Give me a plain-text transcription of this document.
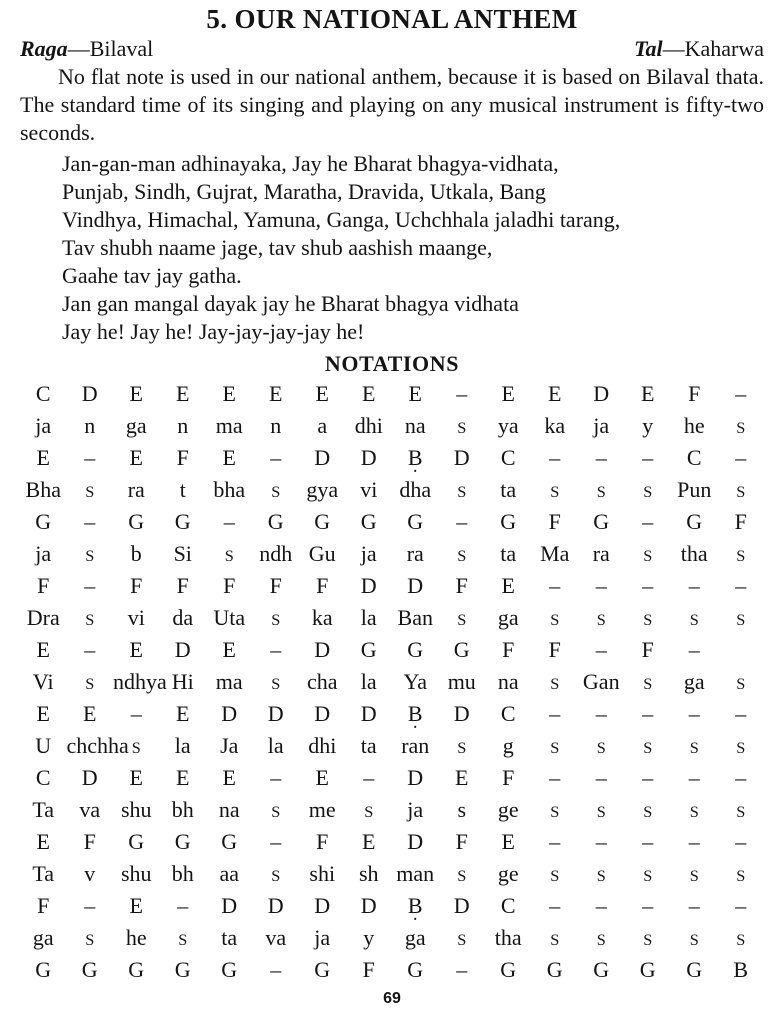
5. OUR NATIONAL ANTHEM
Raga—Bilaval	Tal—Kaharwa

No flat note is used in our national anthem, because it is based on Bilaval thata. The standard time of its singing and playing on any musical instrument is fifty-two seconds.

Jan-gan-man adhinayaka, Jay he Bharat bhagya-vidhata,
Punjab, Sindh, Gujrat, Maratha, Dravida, Utkala, Bang
Vindhya, Himachal, Yamuna, Ganga, Uchchhala jaladhi tarang,
Tav shubh naame jage, tav shub aashish maange,
Gaahe tav jay gatha.
Jan gan mangal dayak jay he Bharat bhagya vidhata
Jay he! Jay he! Jay-jay-jay-jay he!
NOTATIONS
C	D	E	E	E	E	E	E	E	–	E	E	D	E	F	–
ja	n	ga	n	ma	n	a	dhi	na	S	ya	ka	ja	y	he	S
E	–	E	F	E	–	D	D	B .	D	C	–	–	–	C	–
Bha	S	ra	t	bha	S	gya	vi	dha	S	ta	S	S	S	Pun	S
G	–	G	G	–	G	G	G	G	–	G	F	G	–	G	F
ja	S	b	Si	S	ndh	Gu	ja	ra	S	ta	Ma	ra	S	tha	S
F	–	F	F	F	F	F	D	D	F	E	–	–	–	–	–
Dra	S	vi	da	Uta	S	ka	la	Ban	S	ga	S	S	S	S	S
E	–	E	D	E	–	D	G	G	G	F	F	–	F	–	
Vi	S	ndhya	Hi	ma	S	cha	la	Ya	mu	na	S	Gan	S	ga	S
E	E	–	E	D	D	D	D	B .	D	C	–	–	–	–	–
U	chchha	S	la	Ja	la	dhi	ta	ran	S	g	S	S	S	S	S
C	D	E	E	E	–	E	–	D	E	F	–	–	–	–	–
Ta	va	shu	bh	na	S	me	S	ja	s	ge	S	S	S	S	S
E	F	G	G	G	–	F	E	D	F	E	–	–	–	–	–
Ta	v	shu	bh	aa	S	shi	sh	man	S	ge	S	S	S	S	S
F	–	E	–	D	D	D	D	B .	D	C	–	–	–	–	–
ga	S	he	S	ta	va	ja	y	ga	S	tha	S	S	S	S	S
G	G	G	G	G	–	G	F	G	–	G	G	G	G	G	B
69
